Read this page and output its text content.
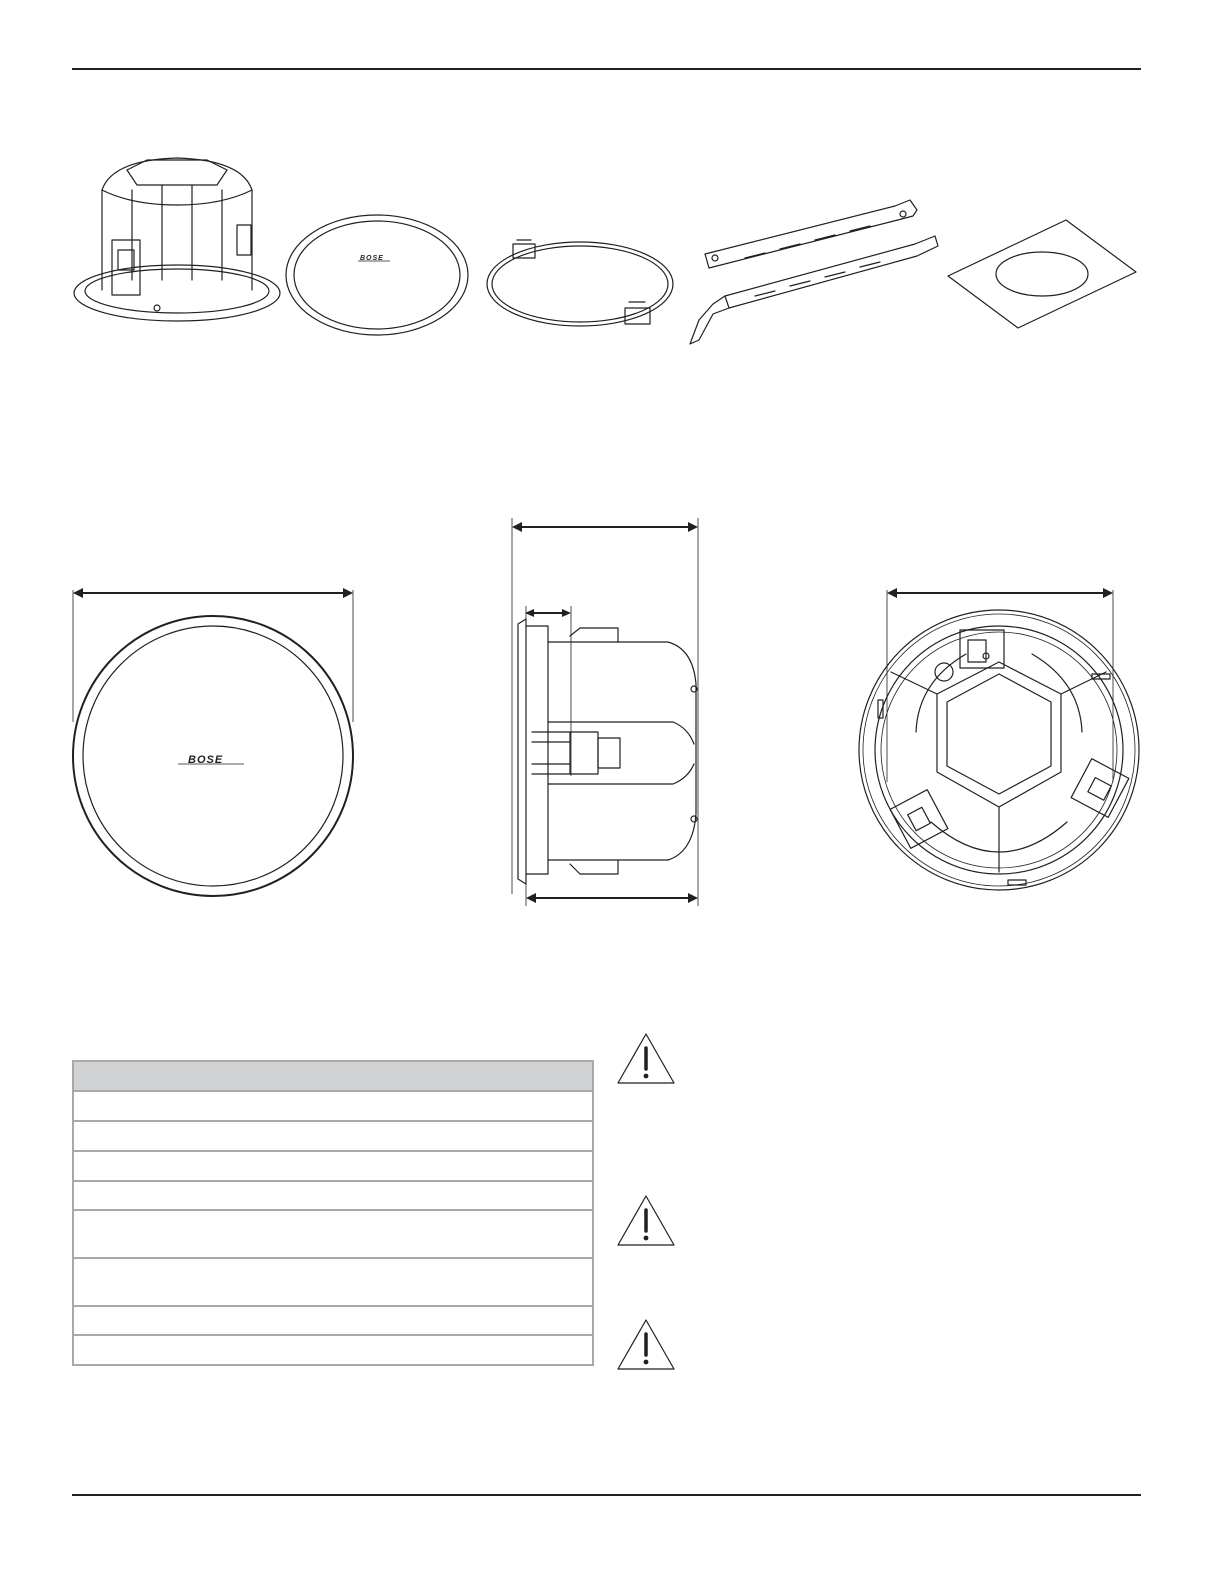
BOSE
BOSE
